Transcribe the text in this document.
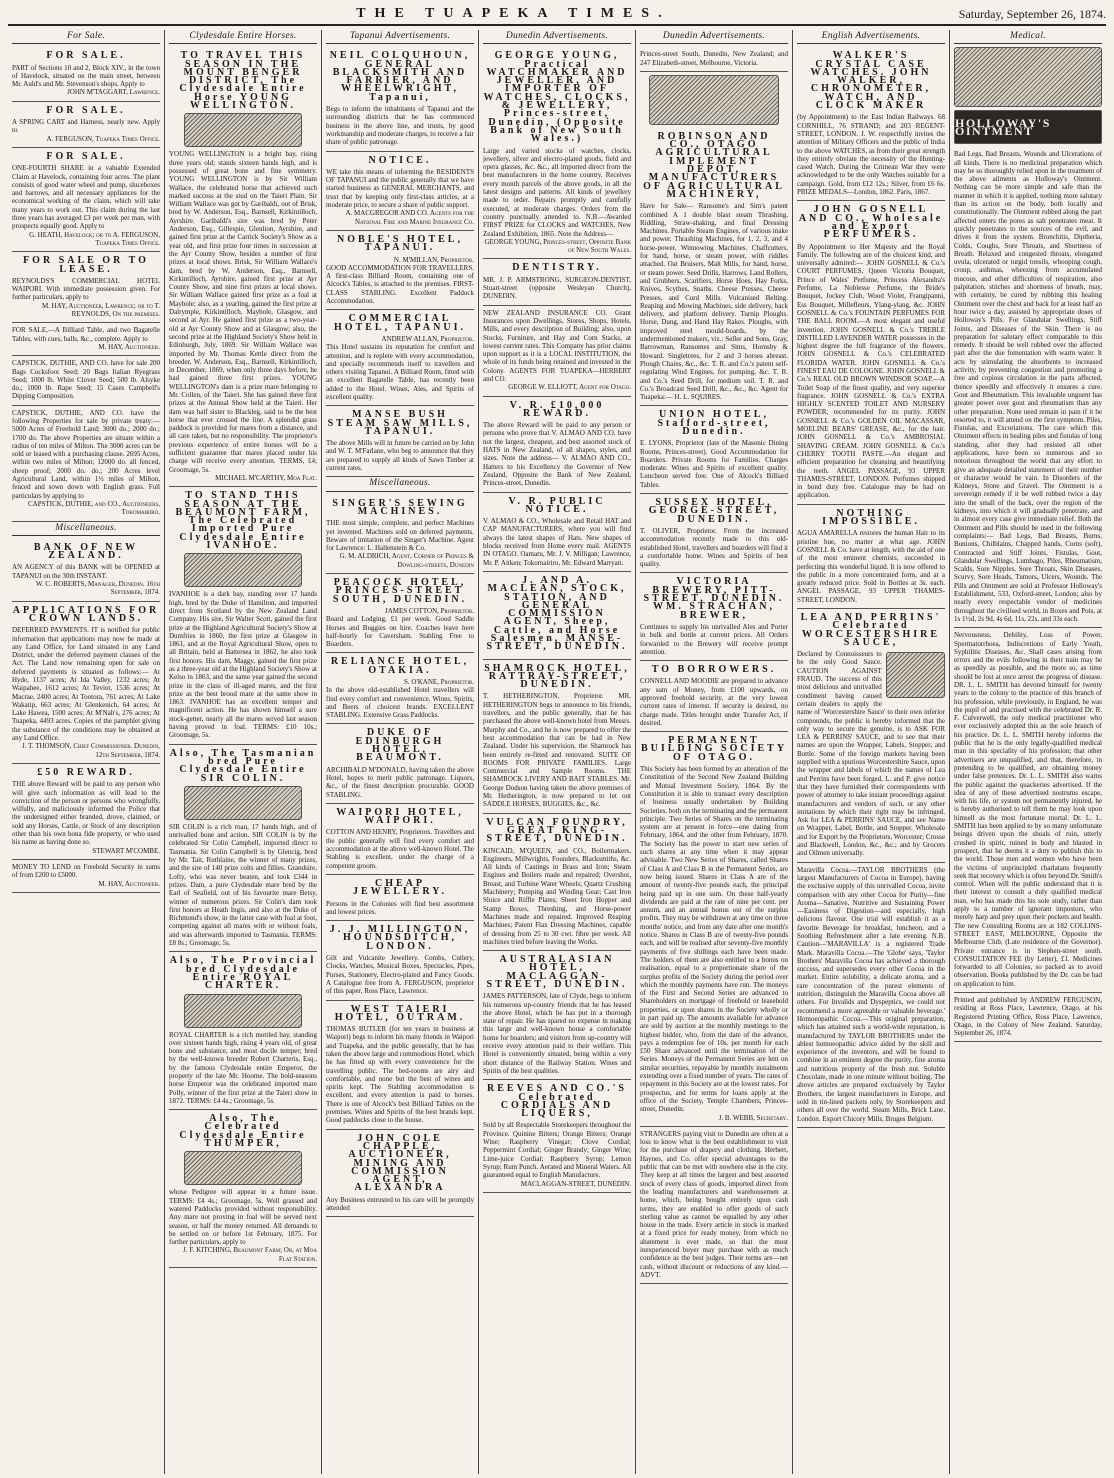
THE TUAPEKA TIMES.	Saturday, September 26, 1874.
For Sale.
FOR SALE.
PART of Sections 10 and 2, Block XIV., in the town of Havelock, situated on the main street, between Mr. Auld's and Mr. Stevenson's shops. Apply to
JOHN M'TAGGART, Lawrence.
FOR SALE.
A SPRING CART and Harness, nearly new. Apply to
A. FERGUSON, Tuapeka Times Office.
FOR SALE.
ONE-FOURTH SHARE in a valuable Extended Claim at Havelock, containing four acres. The plant consists of good water wheel and pump, sluceboxes and barrows, and all necessary appliances for the economical working of the claim, which will take many years to work out. This claim during the last three years has averaged £3 per week per man, with prospects equally good. Apply to
G. HEATH, Havelock; or to A. FERGUSON, Tuapeka Times Office.
FOR SALE OR TO LEASE.
REYNOLDS'S COMMERCIAL HOTEL WAIPORI. With immediate possession given. For further particulars, apply to
M. HAY, Auctioneer, Lawrence; or to T. REYNOLDS, On the premises.
FOR SALE,—A Billiard Table, and two Bagatelle Tables, with cues, balls, &c., complete. Apply to
M. HAY, Auctioneer.
CAPSTICK, DUTHIE, AND CO. have for sale 200 Bags Cocksfoot Seed; 20 Bags Italian Ryegrass Seed; 1000 lb. White Clover Seed; 500 lb. Alsyke do.; 1000 lb. Rape Seed; 15 Cases Campbell's Dipping Composition.
CAPSTICK, DUTHIE, AND CO. have the following Properties for sale by private treaty:— 5000 Acres of Freehold Land; 3000 do.; 2000 do.; 1700 do. The above Properties are situate within a radius of ten miles of Milton. The 3000 acres can be sold or leased with a purchasing clause. 2695 Acres, within two miles of Milton; 12000 do. all fenced, sheep proof; 2000 do. do.; 200 Acres level Agricultural Land, within 1½ miles of Milton, fenced and sown down with English grass. Full particulars by applying to
CAPSTICK, DUTHIE, and CO., Auctioneers, Tokomairiro.
Miscellaneous.
BANK OF NEW ZEALAND.
AN AGENCY of this BANK will be OPENED at TAPANUI on the 30th INSTANT.
W. C. ROBERTS, Manager, Dunedin. 16th September, 1874.
APPLICATIONS FOR CROWN LANDS.
DEFERRED PAYMENTS. IT is notified for public information that applications may now be made at any Land Office, for Land situated in any Land District, under the deferred payment clauses of the Act. The Land now remaining open for sale on deferred payments is situated as follows:— At Hyde, 1137 acres; At Ida Valley, 1232 acres; At Waipahee, 1612 acres; At Teviot, 1536 acres; At Macrae, 2400 acres; At Tootora, 761 acres; At Lake Wakatip, 663 acres; At Glenkenich, 64 acres; At Lake Hawea, 1500 acres; At M'Nab's, 276 acres; At Tuapeka, 4493 acres. Copies of the pamphlet giving the substance of the conditions may be obtained at any Land Office.
J. T. THOMSON, Chief Commissioner. Dunedin, 12th September, 1874.
£50 REWARD.
THE above Reward will be paid to any person who will give such information as will lead to the conviction of the person or persons who wrongfully, wilfully, and maliciously informed the Police that the undersigned either branded, drove, claimed, or sold any Horses, Cattle, or Stock of any description other than his own bona fide property, or who used his name as having done so.
STEWART M'COMBE.
MONEY TO LEND on Freehold Security in sums of from £200 to £5000.
M. HAY, Auctioneer.
Clydesdale Entire Horses.
TO TRAVEL THIS SEASON IN THE MOUNT BENGER DISTRICT, The Clydesdale Entire Horse YOUNG WELLINGTON.
YOUNG WELLINGTON is a bright bay, rising three years old; stands sixteen hands high, and is possessed of great bone and fine symmetry. YOUNG WELLINGTON is by Sir William Wallace, the celebrated horse that achieved such marked success at the stud on the Taieri Plain. Sir William Wallace was got by Garibaldi, out of Brisk, bred by W. Anderson, Esq., Barnsell, Kirkintilloch, Ayrshire. Garibaldi's sire was bred by Peter Anderson, Esq., Gillespie, Glenlion, Ayrshire, and gained first prize at the Carrick Society's Show as a year old, and first prize four times in succession at the Ayr County Show, besides a number of first prizes at local shows. Brisk, Sir William Wallace's dam, bred by W. Anderson, Esq., Barnsell, Kirkintilloch, Ayrshire, gained first prize at Ayr County Show, and nine first prizes at local shows. Sir William Wallace gained first prize as a foal at Maybole; also, as a yearling, gained the first prize at Dalrymple, Kirkintilloch, Maybole, Glasgow, and second at Ayr. He gained first prize as a two-year-old at Ayr County Show and at Glasgow; also, the second prize at the Highland Society's Show held in Edinburgh, July, 1869. Sir William Wallace was imported by Mr. Thomas Kettle direct from the breeder, W. Anderson, Esq., Barnsell, Kirkintilloch, in December, 1869, when only three days before, he had gained three first prizes. YOUNG WELLINGTON's dam is a prize mare belonging to Mr. Collen, of the Taieri. She has gained three first prizes at the Annual Show held at the Taieri. Her dam was half sister to Blackleg, said to be the best horse that ever crossed the line. A splendid grass paddock is provided for mares from a distance, and all care taken, but no responsibility. The proprietor's previous experience of entire horses will be a sufficient guarantee that mares placed under his charge will receive every attention. TERMS, £4; Groomage, 5s.
MICHAEL M'CARTHY, Moa Flat.
TO STAND THIS SEASON AT THE BEAUMONT FARM, The Celebrated Imported Pure Clydesdale Entire IVANHOE.
IVANHOE is a dark bay, standing over 17 hands high, bred by the Duke of Hamilton, and imported direct from Scotland by the New Zealand Land Company. His sire, Sir Walter Scott, gained the first prize at the Highland Agricultural Society's Show at Dumfries in 1860, the first prize at Glasgow in 1861, and at the Royal Agricultural Show, open to all Britain, held at Battersea in 1862, he also took first honors. His dam, Maggy, gained the first prize as a three-year old at the Highland Society's Show at Kelso in 1863, and the same year gained the second prize in the class of ill-aged mares, and the first prize as the best brood mare at the same show in 1863. IVANHOE has an excellent temper and magnificent action. He has shown himself a sure stock-getter, nearly all the mares served last season having proved in foal. TERMS: £10 10s.; Groomage, 5s.
Also, The Tasmanian bred Pure Clydesdale Entire SIR COLIN.
SIR COLIN is a rich roan, 17 hands high, and of unrivalled bone and action. SIR COLIN is by the celebrated Sir Colin Campbell, imported direct to Tasmania. Sir Colin Campbell is by Glencig, bred by Mr. Tait, Ruthlaine, the winner of many prizes, and the sire of 140 prize colts and fillies. Grandsire, Lofty, who was never beaten, and took £344 in prizes. Dam, a pure Clydesdale mare bred by the Earl of Seafield, out of his favourite mare Betsy, winner of numerous prizes. Sir Colin's dam took first honors at Heath Ingis, and also at the Duke of Richmond's show, in the latter case with foal at foot, competing against all mares with or without foals, and was afterwards imported to Tasmania. TERMS: £8 8s.; Groomage, 5s.
Also, The Provincial bred Clydesdale Entire ROYAL CHARTER.
ROYAL CHARTER is a rich mottled bay, standing over sixteen hands high, rising 4 years old, of great bone and substance, and most docile temper; bred by the well-known breeder Robert Charteris, Esq., by the famous Clydesdale entire Emperor, the property of the late Mr. Hoome. The bold-seasons horse Emperor was the celebrated imported mare Polly, winner of the first prize at the Taieri show in 1872. TERMS: £4 4s.; Groomage, 5s.
Also, The Celebrated Clydesdale Entire THUMPER,
whose Pedigree will appear in a future issue. TERMS: £4 4s.; Groomage, 5s. Well grassed and watered Paddocks provided without responsibility. Any mare not proving in foal will be served next season, or half the money returned. All demands to be settled on or before 1st February, 1875. For further particulars, apply to
J. F. KITCHING, Beaumont Farm; Or, at Moa Flat Station.
Tapanui Advertisements.
NEIL COLQUHOUN, GENERAL BLACKSMITH AND FARRIER, AND WHEELWRIGHT, Tapanui,
Begs to inform the inhabitants of Tapanui and the surrounding districts that he has commenced business in the above line, and trusts, by good workmanship and moderate charges, to receive a fair share of public patronage.
NOTICE.
WE take this means of informing the RESIDENTS OF TAPANUI and the public generally that we have started business as GENERAL MERCHANTS, and trust that by keeping only first-class articles, at a moderate price, to secure a share of public support.
A. MACGREGOR AND CO. Agents for the National Fire and Marine Insurance Co.
NOBLE'S HOTEL, TAPANUI.
N. M'MILLAN, Proprietor.
GOOD ACCOMMODATION FOR TRAVELLERS. A first-class Billiard Room, containing one of Alcock's Tables, is attached to the premises. FIRST-CLASS STABLING. Excellent Paddock Accommodation.
COMMERCIAL HOTEL, TAPANUI.
ANDREW ALLAN, Proprietor.
This Hotel sustains its reputation for comfort and attention, and is replete with every accommodation, and specially recommends itself to travellers and others visiting Tapanui. A Billiard Room, fitted with an excellent Bagatelle Table, has recently been added to the Hotel. Wines, Ales, and Spirits of excellent quality.
MANSE BUSH STEAM SAW MILLS, TAPANUI.
The above Mills will in future be carried on by John and W. T. M'Farlane, who beg to announce that they are prepared to supply all kinds of Sawn Timber at current rates.
Miscellaneous.
SINGER'S SEWING MACHINES.
THE most simple, complete, and perfect Machines yet invented. Machines sold on deferred payments. Beware of imitation of the Singer's Machine. Agent for Lawrence: L. Hallenstein & Co.
G. M. ALDRICH, Agent, Corner of Princes & Dowling-streets, Dunedin
PEACOCK HOTEL, PRINCES-STREET SOUTH, DUNEDIN.
JAMES COTTON, Proprietor.
Board and Lodging, £1 per week. Good Saddle Horses and Buggies on hire. Coaches leave here half-hourly for Caversham. Stabling Free to Boarders.
RELIANCE HOTEL, OTAKIA.
S. O'KANE, Proprietor.
In the above old-established Hotel travellers will find every comfort and convenience. Wines, Spirits, and Beers of choicest brands. EXCELLENT STABLING. Extensive Grass Paddocks.
DUKE OF EDINBURGH HOTEL, BEAUMONT.
ARCHIBALD M'DONALD, having taken the above Hotel, hopes to merit public patronage. Liquors, &c., of the finest description procurable. GOOD STABLING.
WAIPORI HOTEL, WAIPORI.
COTTON AND HENRY, Proprietors. Travellers and the public generally will find every comfort and accommodation at the above well-known Hotel. The Stabling is excellent, under the charge of a competent groom.
CHEAP JEWELLERY.
Persons in the Colonies will find best assortment and lowest prices.
J. J. MILLINGTON, HOUNDSDITCH, LONDON.
Gilt and Vulcanite Jewellery. Combs, Cutlery, Clocks, Watches, Musical Boxes, Spectacles, Pipes, Purses, Stationery, Electro-plated and Fancy Goods. A Catalogue free from A. FERGUSON, proprietor of this paper, Ross Place, Lawrence.
WEST TAIERI HOTEL, OUTRAM.
THOMAS BUTLER (for ten years in business at Waipori) begs to inform his many friends in Waipori and Tuapeka, and the public generally, that he has taken the above large and commodious Hotel, which he has fitted up with every convenience for the travelling public. The bed-rooms are airy and comfortable, and none but the best of wines and spirits kept. The Stabling accommodation is excellent, and every attention is paid to horses. There is one of Alcock's best Billiard Tables on the premises. Wines and Spirits of the best brands kept. Good paddocks close to the house.
JOHN COLE CHAPPLE, AUCTIONEER, MINING AND COMMISSION AGENT, ALEXANDRA
Any Business entrusted to his care will be promptly attended
Dunedin Advertisements.
GEORGE YOUNG, Practical WATCHMAKER AND JEWELLER, AND IMPORTER OF WATCHES, CLOCKS, & JEWELLERY, Princes-street, Dunedin, (Opposite Bank of New South Wales.)
Large and varied stocks of watches, clocks, jewellery, silver and electro-plated goods, field and opera glasses, &c. &c., all imported direct from the best manufacturers in the home country. Receives every month parcels of the above goods, in all the latest designs and patterns. All kinds of jewellery made to order. Repairs promptly and carefully executed, at moderate charges. Orders from the country punctually attended to. N.B.—Awarded FIRST PRIZE for CLOCKS and WATCHES, New Zealand Exhibition, 1865. Note the Address—
GEORGE YOUNG, Princes-street, Opposite Bank of New South Wales.
DENTISTRY.
MR. J. P. ARMSTRONG, SURGEON-DENTIST, Stuart-street (opposite Wesleyan Church), DUNEDIN.
NEW ZEALAND INSURANCE CO. Grant Insurances upon Dwellings, Stores, Shops, Hotels, Mills, and every description of Building; also, upon Stocks, Furniture, and Hay and Corn Stacks, at lowest current rates. This Company has prior claims upon support as it is a LOCAL INSTITUTION, the whole of its funds being retained and invested in the Colony. AGENTS FOR TUAPEKA—HERBERT and CO.
GEORGE W. ELLIOTT, Agent for Otago.
V. R. £10,000 REWARD.
The above Reward will be paid to any person or persons who prove that V. ALMAO AND CO. have not the largest, cheapest, and best assorted stock of HATS in New Zealand, of all shapes, styles, and sizes. Note the address— V. ALMAO AND CO., Hatters to his Excellency the Governor of New Zealand, Opposite the Bank of New Zealand, Princes-street, Dunedin.
V. R. PUBLIC NOTICE.
V. ALMAO & CO., Wholesale and Retail HAT and CAP MANUFACTURERS, where you will find always the latest shapes of Hats. New shapes of blocks received from Home every mail. AGENTS IN OTAGO. Oamaru, Mr. J. V. Milligan; Lawrence, Mr. P. Aitken; Tokomairiro, Mr. Edward Marryatt.
J. AND A. MACLEAN, STOCK, STATION, AND GENERAL COMMISSION AGENT, Sheep, Cattle, and Horse Salesmen, MANSE-STREET, DUNEDIN.
SHAMROCK HOTEL, RATTRAY-STREET, DUNEDIN.
T. HETHERINGTON, Proprietor. MR. HETHERINGTON begs to announce to his friends, travellers, and the public generally, that he has purchased the above well-known hotel from Messrs. Murphy and Co., and he is now prepared to offer the best accommodation that can be had in New Zealand. Under his supervision, the Shamrock has been entirely re-fitted and renovated. SUITE OF ROOMS FOR PRIVATE FAMILIES. Large Commercial and Sample Rooms. THE SHAMROCK LIVERY AND BAIT STABLES. Mr. George Dodson having taken the above premises of Mr. Hetherington, is now prepared to let out SADDLE HORSES, BUGGIES, &c., &c.
VULCAN FOUNDRY, GREAT KING-STREET, DUNEDIN.
KINCAID, M'QUEEN, and CO., Boilermakers, Engineers, Millwrights, Founders, Blacksmiths, &c. All kinds of Castings in Brass and Iron; Steam Engines and Boilers made and repaired; Overshot, Breast, and Turbine Water Wheels; Quartz Crushing Machinery; Pumping and Winding Gear; Cast Iron Sluice and Riffle Plates; Sheet Iron Hopper and Stamp Boxes, Threshing, and Horse-power Machines made and repaired. Improved Reaping Machines; Patent Flax Dressing Machines, capable of dressing from 25 to 30 cwt. fibre per week. All machines tried before leaving the Works.
AUSTRALASIAN HOTEL, MACLAGGAN-STREET, DUNEDIN.
JAMES PATTERSON, late of Clyde, begs to inform his numerous up-country friends that he has leased the above Hotel, which he has put in a thorough state of repair. He has spared no expense in making this large and well-known house a comfortable home for boarders; and visitors from up-country will receive every attention paid to their welfare. This Hotel is conveniently situated, being within a very short distance of the Railway Station. Wines and Spirits of the best qualities.
REEVES AND CO.'S Celebrated CORDIALS AND LIQUERS,
Sold by all Respectable Storekeepers throughout the Province. Quinine Bitters; Orange Bitters; Orange Wine; Raspberry Vinegar; Clove Cordial; Peppermint Cordial; Ginger Brandy; Ginger Wine; Lime-juice Cordial; Raspberry Syrup; Lemon Syrup; Rum Punch. Aerated and Mineral Waters. All guaranteed equal to English Manufacture.
MACLAGGAN-STREET, DUNEDIN.
Dunedin Advertisements.
Princes-street South, Dunedin, New Zealand; and 247 Elizabeth-street, Melbourne, Victoria.
ROBINSON AND CO., OTAGO AGRICULTURAL IMPLEMENT DEPOT, MANUFACTURERS OF AGRICULTURAL MACHINERY,
Have for Sale— Ransome's and Sim's patent combined A 1 double blast steam Thrashing, Riddling, Straw-shaking, and final Dressing Machines. Portable Steam Engines, of various make and power. Thrashing Machines, for 1, 2, 3, and 4 horse-power. Winnowing Machines. Chaffcutters, for hand, horse, or steam power, with riddles attached. Oat Bruisers, Malt Mills, for hand, horse, or steam power. Seed Drills, Harrows, Land Rollers, and Grubbers. Scarifiers, Horse Hoes, Hay Forks, Knives, Scythes, Snaths. Cheese Presses, Cheese Presses, and Curd Mills. Vulcanised Belting. Reaping and Mowing Machines, side delivery, back delivery, and platform delivery. Turnip Ploughs. Horse, Dung, and Hand Hay Rakes. Ploughs, with improved steel mould-boards, by the undermentioned makers, viz.: Seller and Sons, Gray, Barrowman, Ransomes and Sims, Hornsby & Howard. Singletrees, for 2 and 3 horses abreast. Plough Chains, &c., &c. T. R. and Co.'s patent self-regulating Wind Engines, for pumping, &c. T. R. and Co.'s Seed Drill, for medium soil. T. R. and Co.'s Broadcast Seed Drill, &c., &c., &c. Agent for Tuapeka:— H. L. SQUIRES.
UNION HOTEL, Stafford-street, Dunedin.
E. LYONS, Proprietor (late of the Masonic Dining Rooms, Princes-street). Good Accommodation for Boarders. Private Rooms for Families. Charges moderate. Wines and Spirits of excellent quality. Luncheon served free. One of Alcock's Billiard Tables.
SUSSEX HOTEL, GEORGE-STREET, DUNEDIN.
T. OLIVER, Proprietor. From the increased accommodation recently made to this old-established Hotel, travellers and boarders will find it a comfortable home. Wines and Spirits of best quality.
VICTORIA BREWERY, PITT-STREET, DUNEDIN. WM. STRACHAN, BREWER,
Continues to supply his unrivalled Ales and Porter in bulk and bottle at current prices. All Orders forwarded to the Brewery will receive prompt attention.
TO BORROWERS.
CONNELL AND MOODIE are prepared to advance any sum of Money, from £100 upwards, on approved freehold security, at the very lowest current rates of interest. If security is desired, no charge made. Titles brought under Transfer Act, if desired.
PERMANENT BUILDING SOCIETY OF OTAGO.
This Society has been formed by an alteration of the Constitution of the Second New Zealand Building and Mutual Investment Society, 1864. By the Constitution it is able to transact every description of business usually undertaken by Building Societies, both on the terminating and the permanent principle. Two Series of Shares on the terminating system are at present in force—one dating from February, 1864, and the other from February, 1870. The Society has the power to start new series of such shares at any time when it may appear advisable. Two New Series of Shares, called Shares of Class A and Class B in the Permanent Series, are now being issued. Shares in Class A are of the amount of twenty-five pounds each, the principal being paid up in one sum. On these half-yearly dividends are paid at the rate of nine per cent. per annum, and an annual bonus out of the surplus profits. They may be withdrawn at any time on three months' notice, and from any date after one month's notice. Shares in Class B are of twenty-five pounds each, and will be realised after seventy-five monthly payments of five shillings each have been made. The holders of them are also entitled to a bonus on realisation, equal to a proportionate share of the surplus profits of the Society during the period over which the monthly payments have run. The moneys of the First and Second Series are advanced to Shareholders on mortgage of freehold or leasehold properties, or upon shares in the Society wholly or in part paid up. The amounts available for advance are sold by auction at the monthly meetings to the highest bidder, who, from the date of the advance, pays a redemption fee of 10s. per month for each £50 Share advanced until the termination of the Series. Moneys of the Permanent Series are lent on similar securities, repayable by monthly instalments extending over a fixed number of years. The rates of repayment in this Society are at the lowest rates. For prospectus, and for terms for loans apply at the office of the Society, Temple Chambers, Princes-street, Dunedin.
J. B. WEBB, Secretary.
STRANGERS paying visit to Dunedin are often at a loss to know what is the best establishment to visit for the purchase of drapery and clothing. Herbert, Haynes, and Co. offer special advantages to the public that can be met with nowhere else in the city. They keep at all times the largest and best assorted stock of every class of goods, imported direct from the leading manufacturers and warehousemen at home, which, being bought entirely upon cash terms, they are enabled to offer goods of such sterling value as cannot be equalled by any other house in the trade. Every article in stock is marked at a fixed price for ready money, from which no abatement is ever made, so that the most inexperienced buyer may purchase with as much confidence as the best judges. Their terms are—net cash, without discount or reductions of any kind.—ADVT.
English Advertisements.
WALKER'S CRYSTAL CASE WATCHES. JOHN WALKER, CHRONOMETER, WATCH, AND CLOCK MAKER
(by Appointment) to the East Indian Railways. 68 CORNHILL, 76 STRAND; and 203 REGENT-STREET, LONDON. J. W. respectfully invites the attention of Military Officers and the public of India to the above WATCHES, as from their great strength they entirely obviate the necessity of the Hunting-cased Watch. During the Crimean War they were acknowledged to be the only Watches suitable for a campaign. Gold, from £12 12s.; Silver, from £6 6s. PRIZE MEDALS—London, 1862. Paris, 1867.
JOHN GOSNELL AND CO., Wholesale and Export PERFUMERS.
By Appointment to Her Majesty and the Royal Family. The following are of the choicest kind, and universally admired:— JOHN GOSNELL & Co.'s COURT PERFUMES, Queen Victoria Bouquet, Prince of Wales' Perfume, Princess Alexandra's Perfume, La Noblesse Perfume, the Bride's Bouquet, Jockey Club, Wood Violet, Frangipanni, Ess Bouquet, Millefleurs, Ylang-ylang, &c. JOHN GOSNELL & Co.'s FOUNTAIN PERFUMES FOR THE BALL ROOM.—A most elegant and useful invention. JOHN GOSNELL & Co.'s TREBLE DISTILLED LAVENDER WATER possesses in the highest degree the full fragrance of the flowers. JOHN GOSNELL & Co.'s CELEBRATED FLORIDA WATER. JOHN GOSNELL & Co.'s FINEST EAU DE COLOGNE. JOHN GOSNELL & Co.'s REAL OLD BROWN WINDSOR SOAP.—A Toilet Soap of the finest quality, and very superior fragrance. JOHN GOSNELL & Co.'s EXTRA HIGHLY SCENTED TOILET AND NURSERY POWDER, recommended for its purity. JOHN GOSNELL & Co.'s GOLDEN OIL MACASSAR, MOELINE BEARS' GREASE, &c., for the hair. JOHN GOSNELL & Co.'s AMBROSIAL SHAVING CREAM. JOHN GOSNELL & Co.'s CHERRY TOOTH PASTE.—An elegant and efficient preparation for cleansing and beautifying the teeth. ANGEL PASSAGE, 93 UPPER THAMES-STREET, LONDON. Perfumes shipped in bond duty free. Catalogue may be had on application.
NOTHING IMPOSSIBLE.
AGUA AMARELLA restores the human Hair to its pristine hue, no matter at what age. JOHN GOSNELL & Co. have at length, with the aid of one of the most eminent chemists, succeeded in perfecting this wonderful liquid. It is now offered to the public in a more concentrated form, and at a greatly reduced price. Sold in Bottles at 3s. each. ANGEL PASSAGE, 93 UPPER THAMES-STREET, LONDON.
LEA AND PERRINS' Celebrated WORCESTERSHIRE SAUCE,
Declared by Connoisseurs to be the only Good Sauce. CAUTION AGAINST FRAUD. The success of this most delicious and unrivalled condiment having caused certain dealers to apply the name of 'Worcestershire Sauce' to their own inferior compounds, the public is hereby informed that the only way to secure the genuine, is to ASK FOR LEA & PERRINS' SAUCE, and to see that their names are upon the Wrapper, Labels, Stopper, and Bottle. Some of the foreign markets having been supplied with a spurious Worcestershire Sauce, upon the wrapper and labels of which the names of Lea and Perrins have been forged, L. and P. give notice that they have furnished their correspondents with power of attorney to take instant proceedings against manufacturers and vendors of such, or any other imitations by which their right may be infringed. Ask for LEA & PERRINS' SAUCE, and see Name on Wrapper, Label, Bottle, and Stopper. Wholesale and for Export by the Proprietors, Worcester; Crosse and Blackwell, London, &c., &c.; and by Grocers and Oilmen universally.
Maravilla Cocoa.—TAYLOR BROTHERS (the largest Manufacturers of Cocoa in Europe), having the exclusive supply of this unrivalled Cocoa, invite comparison with any other Cocoa for Purity—fine Aroma—Sanative, Nutritive and Sustaining Power—Easiness of Digestion—and especially, high delicious flavour. One trial will establish it as a favorite Beverage for breakfast, luncheon, and a Soothing Refreshment after a late evening. N.B. Caution—'MARAVILLA' is a registered Trade Mark. Maravilla Cocoa.—The 'Globe' says, 'Taylor Brothers' Maravilla Cocoa has achieved a thorough success, and supersedes every other Cocoa in the market. Entire solubility, a delicate aroma, and a rare concentration of the purest elements of nutrition, distinguish the Maravilla Cocoa above all others. For Invalids and Dyspeptics, we could not recommend a more agreeable or valuable beverage.' Homoeopathic Cocoa.—This original preparation, which has attained such a world-wide reputation, is manufactured by TAYLOR BROTHERS under the ablest homoeopathic advice aided by the skill and experience of the inventors, and will be found to combine in an eminent degree the purity, fine aroma and nutritious property of the fresh nut. Soluble Chocolate, made in one minute without boiling. The above articles are prepared exclusively by Taylor Brothers, the largest manufacturers in Europe, and sold in tin-lined packets only, by Storekeepers and others all over the world. Steam Mills, Brick Lane, London. Export Chicory Mills, Bruges Belgium.
Medical.
HOLLOWAY'S OINTMENT
Bad Legs, Bad Breasts, Wounds and Ulcerations of all kinds. There is no medicinal preparation which may be so thoroughly relied upon in the treatment of the above ailments as Holloway's Ointment. Nothing can be more simple and safe than the manner in which it is applied, nothing more salutary than its action on the body, both locally and constitutionally. The Ointment rubbed along the part affected enters the pores as salt penetrates meat. It quickly penetrates to the sources of the evil, and drives it from the system. Bronchitis, Diptheria, Colds, Coughs, Sore Throats, and Shortness of Breath. Relaxed and congested throats, elongated uvula, ulcerated or turgid tonsils, whooping cough, croup, asthmas, wheezing from accumulated mucous, and other difficulties of respiration, also palpitation, stitches and shortness of breath, may, with certainty, be cured by rubbing this healing Ointment over the chest and back for at least half an hour twice a day, assisted by appropriate doses of Holloway's Pills. For Glandular Swellings, Stiff Joints, and Diseases of the Skin. There is no preparation for salutary effect comparable to this remedy. It should be well rubbed over the affected part after the due fomentation with warm water. It acts by stimulating the absorbents to increased activity, by preventing congestion and promoting a free and copious circulation in the parts affected, thence speedily and effectively it ensures a cure. Gout and Rheumatism. This invaluable unguent has greater power over gout and rheumatism than any other preparation. None need remain in pain if it be resorted to, it will attend on the first symptom. Piles, Fistulas, and Excoriations. The care which this Ointment effects in healing piles and fistulas of long standing, after they had resisted all other applications, have been so numerous and so notorious throughout the world that any effort to give an adequate detailed statement of their number or character would be vain. In Disorders of the Kidneys, Stone and Gravel. The Ointment is a sovereign remedy if it be well rubbed twice a day into the small of the back, over the region of the kidneys, into which it will gradually penetrate, and in almost every case give immediate relief. Both the Ointment and Pills should be used in the following complaints:— Bad Legs, Bad Breasts, Burns, Bunions, Chilblains, Chapped hands, Corns (soft), Contracted and Stiff Joints, Fistulas, Gout, Glandular Swellings, Lumbago, Piles, Rheumatism, Scalds, Sore Nipples, Sore Throats, Skin Diseases, Scurvy, Sore Heads, Tumors, Ulcers, Wounds. The Pills and Ointment are sold at Professor Holloway's Establishment, 533, Oxford-street, London; also by nearly every respectable vendor of medicines throughout the civilised world, in Boxes and Pots, at 1s 1½d, 2s 9d, 4s 6d, 11s, 22s, and 33s each.
Nervousness, Debility, Loss of Power, Spermatorrhoea, Indiscretions of Early Youth, Syphilitic Diseases, &c. Shall cases arising from errors and the evils following in their train may be as speedily as possible, and the more so, as time should be lost at once arrest the progress of disease. DR. L. L. SMITH has devoted himself for twenty years to the colony to the practice of this branch of his profession, while previously, in England, he was the pupil of and practised with the celebrated Dr. R. F. Culverwell, the only medical practitioner who ever exclusively adopted this as the sole branch of his practice. Dr. L. L. SMITH hereby informs the public that he is the only legally-qualified medical man in this speciality of his profession; that other advertisers are unqualified, and that, therefore, in pretending to be qualified, are obtaining money under false pretences. Dr. L. L. SMITH also warns the public against the quackeries advertised. If the idea of any of these advertised nostrums escape, with his life, or system not permanently injured, he is hereby authorised to tell them he may look upon himself as the most fortunate mortal. Dr. L. L. SMITH has been applied to by so many unfortunate beings driven upon the shoals of ruin, utterly crushed in spirit, ruined in body and blasted in prospect, that he deems it a duty to publish this to the world. Those men and women who have been the victims of unprincipled charlatans frequently seek that recovery which is often beyond Dr. Smith's control. When will the public understand that it is their interest to consult a duly qualified medical man, who has made this his sole study, rather than apply to a number of ignorant impostors, who merely harp and prey upon their pockets and health. The new Consulting Rooms are at 182 COLLINS-STREET EAST, MELBOURNE, Opposite the Melbourne Club, (Late residence of the Governor). Private entrance is in Stephen-street south. CONSULTATION FEE (by Letter), £1. Medicines forwarded to all Colonies, so packed as to avoid observation. Books published by the Dr. can be had on application to him.
Printed and published by ANDREW FERGUSON, residing at Ross Place, Lawrence, Otago, at his Registered Printing Office, Ross Place, Lawrence, Otago, in the Colony of New Zealand. Saturday, September 26, 1874.
